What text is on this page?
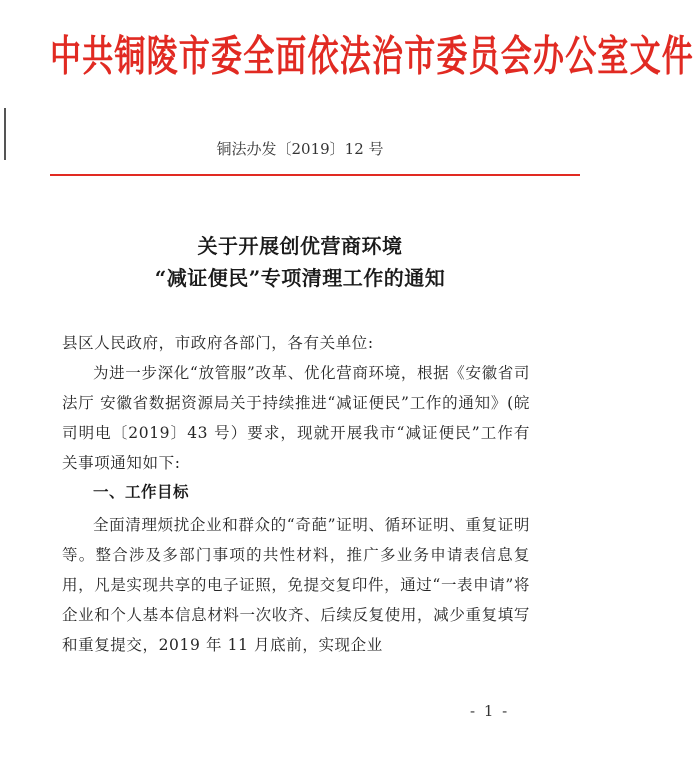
中共铜陵市委全面依法治市委员会办公室文件
铜法办发〔2019〕12 号
关于开展创优营商环境
“减证便民”专项清理工作的通知
县区人民政府，市政府各部门，各有关单位:
为进一步深化“放管服”改革、优化营商环境，根据《安徽省司法厅 安徽省数据资源局关于持续推进“减证便民”工作的通知》(皖司明电〔2019〕43 号）要求，现就开展我市“减证便民”工作有关事项通知如下:
一、工作目标
全面清理烦扰企业和群众的“奇葩”证明、循环证明、重复证明等。整合涉及多部门事项的共性材料，推广多业务申请表信息复用，凡是实现共享的电子证照，免提交复印件，通过“一表申请”将企业和个人基本信息材料一次收齐、后续反复使用，减少重复填写和重复提交，2019 年 11 月底前，实现企业
- 1 -
